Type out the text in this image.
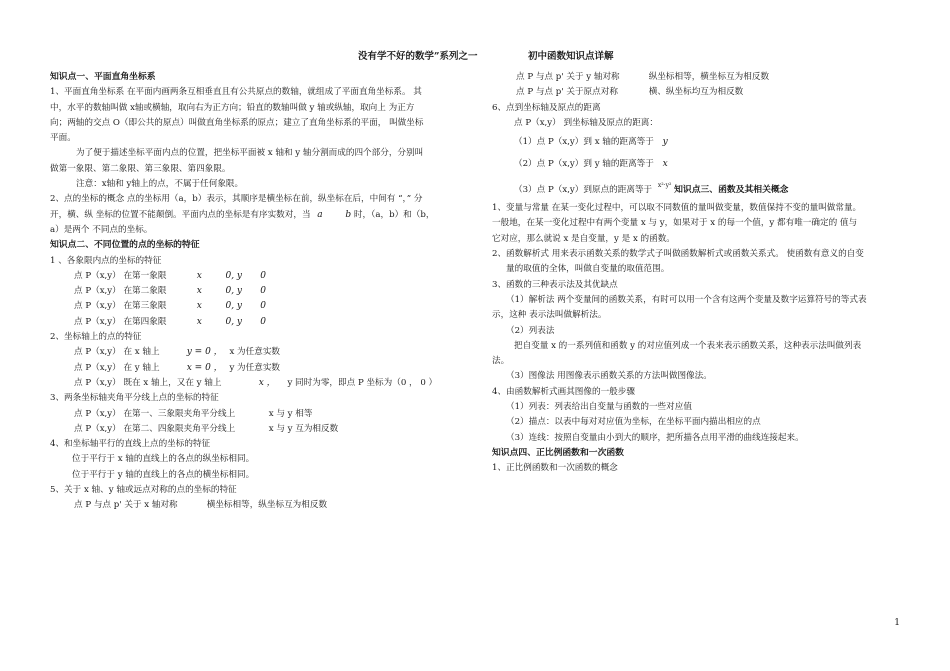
没有学不好的数学”系列之一	初中函数知识点详解
知识点一、平面直角坐标系
1、平面直角坐标系 在平面内画两条互相垂直且有公共原点的数轴，就组成了平面直角坐标系。 其
中，水平的数轴叫做 x轴或横轴，取向右为正方向；铅直的数轴叫做 y 轴或纵轴，取向上 为正方
向；两轴的交点 O（即公共的原点）叫做直角坐标系的原点；建立了直角坐标系的平面， 叫做坐标
平面。
为了便于描述坐标平面内点的位置，把坐标平面被 x 轴和 y 轴分割而成的四个部分，分别叫
做第一象限、第二象限、第三象限、第四象限。
注意：x轴和 y轴上的点，不属于任何象限。
2、点的坐标的概念 点的坐标用（a，b）表示，其顺序是横坐标在前，纵坐标在后，中间有 “，” 分
开，横、纵 坐标的位置不能颠倒。平面内点的坐标是有序实数对，当 a	b 时，（a，b）和（b，
a）是两个 不同点的坐标。
知识点二、不同位置的点的坐标的特征
1 、各象限内点的坐标的特征
点 P（x,y） 在第一象限	x	0, y 0
点 P（x,y） 在第二象限	x	0, y 0
点 P（x,y） 在第三象限	x	0, y 0
点 P（x,y） 在第四象限	x	0, y 0
2、坐标轴上的点的特征
点 P（x,y） 在 x 轴上	y = 0 ， x 为任意实数
点 P（x,y） 在 y 轴上	x = 0 ， y 为任意实数
点 P（x,y） 既在 x 轴上，又在 y 轴上	x ， y 同时为零，即点 P 坐标为（0 ， 0 ）
3、两条坐标轴夹角平分线上点的坐标的特征
点 P（x,y） 在第一、三象限夹角平分线上	x 与 y 相等
点 P（x,y） 在第二、四象限夹角平分线上	x 与 y 互为相反数
4、和坐标轴平行的直线上点的坐标的特征
位于平行于 x 轴的直线上的各点的纵坐标相同。
位于平行于 y 轴的直线上的各点的横坐标相同。
5、关于 x 轴、y 轴或远点对称的点的坐标的特征
点 P 与点 p' 关于 x 轴对称	横坐标相等，纵坐标互为相反数
点 P 与点 p' 关于 y 轴对称	纵坐标相等，横坐标互为相反数
点 P 与点 p' 关于原点对称	横、纵坐标均互为相反数
6、点到坐标轴及原点的距离
点 P（x,y） 到坐标轴及原点的距离：
（1）点 P（x,y）到 x 轴的距离等于 y
（2）点 P（x,y）到 y 轴的距离等于 x
（3）点 P（x,y）到原点的距离等于 $^{x^2\cdot y^2}$ 知识点三、函数及其相关概念
1、变量与常量 在某一变化过程中，可以取不同数值的量叫做变量，数值保持不变的量叫做常量。
一般地，在某一变化过程中有两个变量 x 与 y，如果对于 x 的每一个值，y 都有唯一确定的 值与
它对应，那么就说 x 是自变量，y 是 x 的函数。
2、函数解析式 用来表示函数关系的数学式子叫做函数解析式或函数关系式。 使函数有意义的自变
量的取值的全体，叫做自变量的取值范围。
3、函数的三种表示法及其优缺点
（1）解析法 两个变量间的函数关系，有时可以用一个含有这两个变量及数字运算符号的等式表
示，这种 表示法叫做解析法。
（2）列表法
把自变量 x 的一系列值和函数 y 的对应值列成一个表来表示函数关系，这种表示法叫做列表
法。
（3）图像法 用图像表示函数关系的方法叫做图像法。
4、由函数解析式画其图像的一般步骤
（1）列表：列表给出自变量与函数的一些对应值
（2）描点：以表中每对对应值为坐标，在坐标平面内描出相应的点
（3）连线：按照自变量由小到大的顺序，把所描各点用平滑的曲线连接起来。
知识点四、正比例函数和一次函数
1、正比例函数和一次函数的概念
1
